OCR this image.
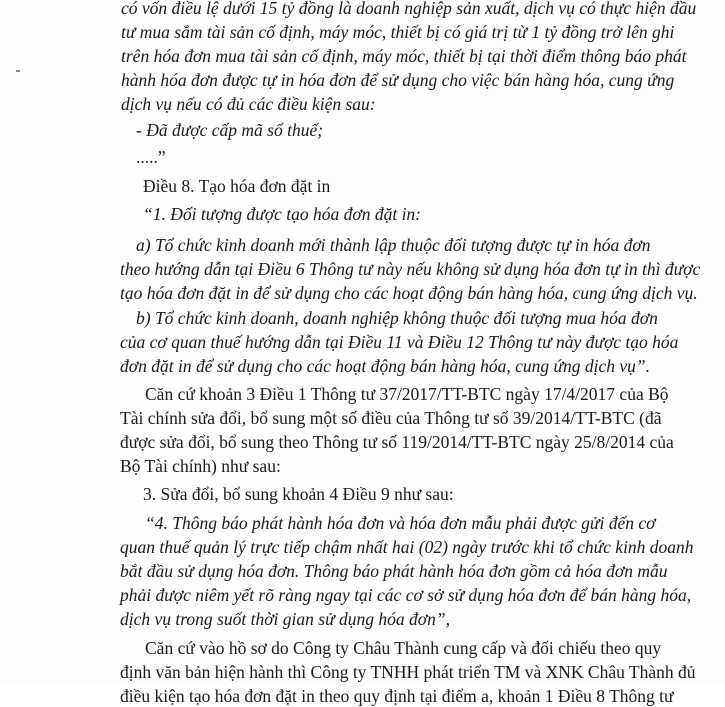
có vốn điều lệ dưới 15 tỷ đồng là doanh nghiệp sản xuất, dịch vụ có thực hiện đầu
tư mua sắm tài sản cố định, máy móc, thiết bị có giá trị từ 1 tỷ đồng trở lên ghi
trên hóa đơn mua tài sản cố định, máy móc, thiết bị tại thời điểm thông báo phát
hành hóa đơn được tự in hóa đơn để sử dụng cho việc bán hàng hóa, cung ứng
dịch vụ nếu có đủ các điều kiện sau:
- Đã được cấp mã số thuế;
.....”
Điều 8. Tạo hóa đơn đặt in
“1. Đối tượng được tạo hóa đơn đặt in:
a) Tổ chức kinh doanh mới thành lập thuộc đối tượng được tự in hóa đơn
theo hướng dẫn tại Điều 6 Thông tư này nếu không sử dụng hóa đơn tự in thì được
tạo hóa đơn đặt in để sử dụng cho các hoạt động bán hàng hóa, cung ứng dịch vụ.
b) Tổ chức kinh doanh, doanh nghiệp không thuộc đối tượng mua hóa đơn
của cơ quan thuế hướng dẫn tại Điều 11 và Điều 12 Thông tư này được tạo hóa
đơn đặt in để sử dụng cho các hoạt động bán hàng hóa, cung ứng dịch vụ”.
Căn cứ khoản 3 Điều 1 Thông tư 37/2017/TT-BTC ngày 17/4/2017 của Bộ
Tài chính sửa đổi, bổ sung một số điều của Thông tư số 39/2014/TT-BTC (đã
được sửa đổi, bổ sung theo Thông tư số 119/2014/TT-BTC ngày 25/8/2014 của
Bộ Tài chính) như sau:
3. Sửa đổi, bổ sung khoản 4 Điều 9 như sau:
“4. Thông báo phát hành hóa đơn và hóa đơn mẫu phải được gửi đến cơ
quan thuế quản lý trực tiếp chậm nhất hai (02) ngày trước khi tổ chức kinh doanh
bắt đầu sử dụng hóa đơn. Thông báo phát hành hóa đơn gồm cả hóa đơn mẫu
phải được niêm yết rõ ràng ngay tại các cơ sở sử dụng hóa đơn để bán hàng hóa,
dịch vụ trong suốt thời gian sử dụng hóa đơn”,
Căn cứ vào hồ sơ do Công ty Châu Thành cung cấp và đối chiếu theo quy
định văn bản hiện hành thì Công ty TNHH phát triển TM và XNK Châu Thành đủ
điều kiện tạo hóa đơn đặt in theo quy định tại điểm a, khoản 1 Điều 8 Thông tư
